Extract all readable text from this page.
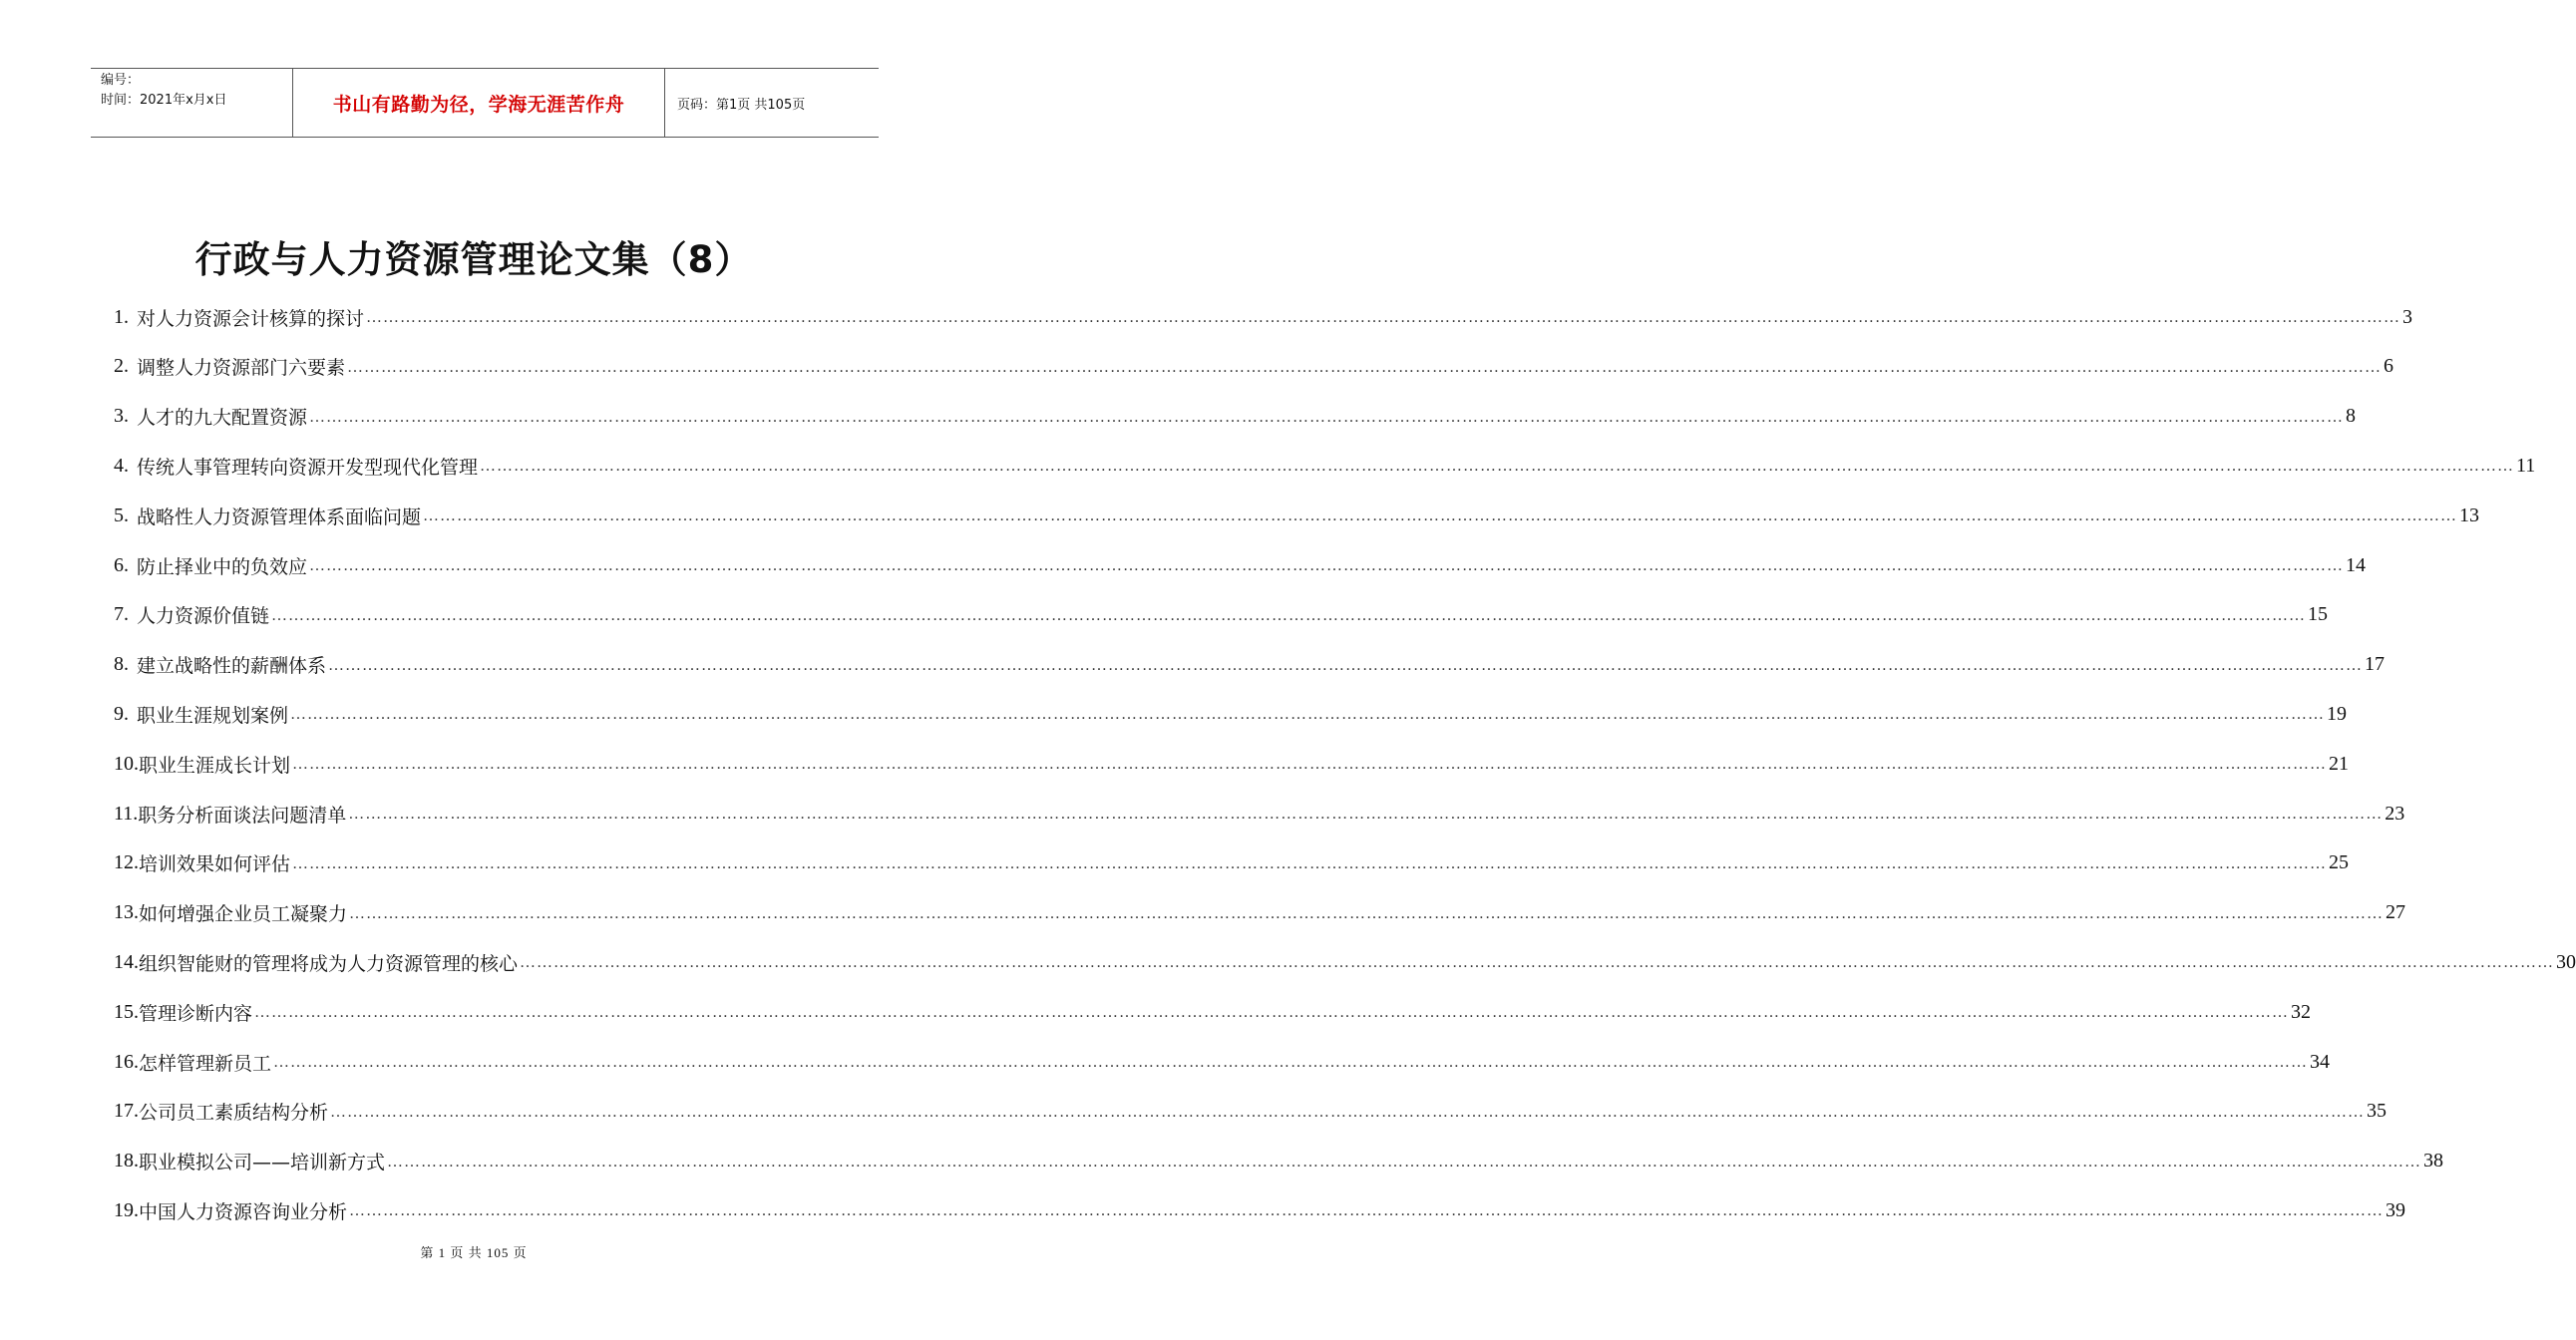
编号：
时间：2021年x月x日	书山有路勤为径，学海无涯苦作舟	页码：第1页 共105页
行政与人力资源管理论文集（8）
1. 对人力资源会计核算的探讨 ……………………………………………………………………………………………………………………………………………………………………………………………………………………………………………………………………………………………………………………………… 3
2. 调整人力资源部门六要素 ……………………………………………………………………………………………………………………………………………………………………………………………………………………………………………………………………………………………………………………………… 6
3. 人才的九大配置资源 ……………………………………………………………………………………………………………………………………………………………………………………………………………………………………………………………………………………………………………………………… 8
4. 传统人事管理转向资源开发型现代化管理 ……………………………………………………………………………………………………………………………………………………………………………………………………………………………………………………………………………………………………………………………… 11
5. 战略性人力资源管理体系面临问题 ……………………………………………………………………………………………………………………………………………………………………………………………………………………………………………………………………………………………………………………………… 13
6. 防止择业中的负效应 ……………………………………………………………………………………………………………………………………………………………………………………………………………………………………………………………………………………………………………………………… 14
7. 人力资源价值链 ……………………………………………………………………………………………………………………………………………………………………………………………………………………………………………………………………………………………………………………………… 15
8. 建立战略性的薪酬体系 ……………………………………………………………………………………………………………………………………………………………………………………………………………………………………………………………………………………………………………………………… 17
9. 职业生涯规划案例 ……………………………………………………………………………………………………………………………………………………………………………………………………………………………………………………………………………………………………………………………… 19
10. 职业生涯成长计划 ……………………………………………………………………………………………………………………………………………………………………………………………………………………………………………………………………………………………………………………………… 21
11. 职务分析面谈法问题清单 ……………………………………………………………………………………………………………………………………………………………………………………………………………………………………………………………………………………………………………………………… 23
12. 培训效果如何评估 ……………………………………………………………………………………………………………………………………………………………………………………………………………………………………………………………………………………………………………………………… 25
13. 如何增强企业员工凝聚力 ……………………………………………………………………………………………………………………………………………………………………………………………………………………………………………………………………………………………………………………………… 27
14. 组织智能财的管理将成为人力资源管理的核心 ……………………………………………………………………………………………………………………………………………………………………………………………………………………………………………………………………………………………………………………………… 30
15. 管理诊断内容 ……………………………………………………………………………………………………………………………………………………………………………………………………………………………………………………………………………………………………………………………… 32
16. 怎样管理新员工 ……………………………………………………………………………………………………………………………………………………………………………………………………………………………………………………………………………………………………………………………… 34
17. 公司员工素质结构分析 ……………………………………………………………………………………………………………………………………………………………………………………………………………………………………………………………………………………………………………………………… 35
18. 职业模拟公司——培训新方式 ……………………………………………………………………………………………………………………………………………………………………………………………………………………………………………………………………………………………………………………………… 38
19. 中国人力资源咨询业分析 ……………………………………………………………………………………………………………………………………………………………………………………………………………………………………………………………………………………………………………………………… 39
第 1 页 共 105 页
